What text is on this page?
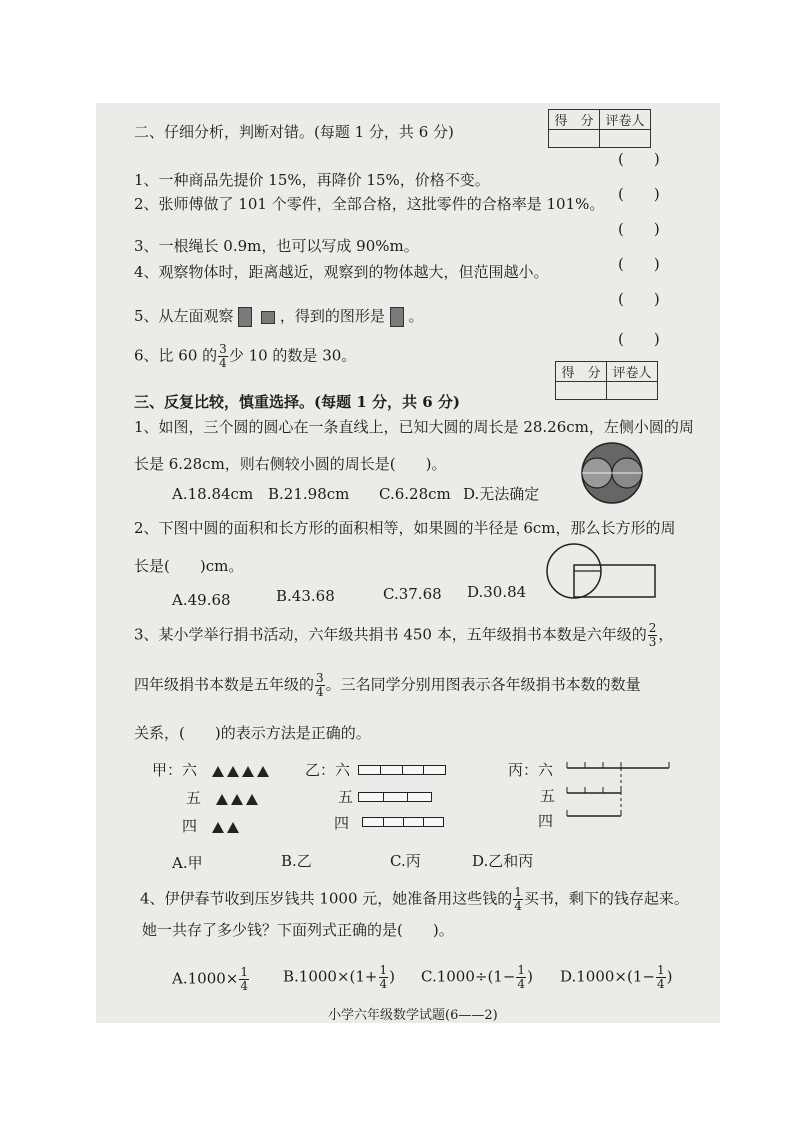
得　分	评卷人

二、仔细分析，判断对错。(每题 1 分，共 6 分)
(　　)
1、一种商品先提价 15%，再降价 15%，价格不变。
(　　)
2、张师傅做了 101 个零件，全部合格，这批零件的合格率是 101%。
(　　)
3、一根绳长 0.9m，也可以写成 90%m。
(　　)
4、观察物体时，距离越近，观察到的物体越大，但范围越小。
(　　)
5、从左面观察	，得到的图形是 。
(　　)
6、比 60 的 $\frac{3}{4}$ 少 10 的数是 30。
得　分	评卷人

三、反复比较，慎重选择。(每题 1 分，共 6 分)
1、如图，三个圆的圆心在一条直线上，已知大圆的周长是 28.26cm，左侧小圆的周
长是 6.28cm，则右侧较小圆的周长是(　　)。
A.18.84cm B.21.98cm C.6.28cm D.无法确定
2、下图中圆的面积和长方形的面积相等，如果圆的半径是 6cm，那么长方形的周
长是(　　)cm。
A.49.68	B.43.68	C.37.68 D.30.84
3、某小学举行捐书活动，六年级共捐书 450 本，五年级捐书本数是六年级的 $\frac{2}{3}$ ，
四年级捐书本数是五年级的 $\frac{3}{4}$ 。三名同学分别用图表示各年级捐书本数的数量
关系，(　　)的表示方法是正确的。
甲：六
五
四
乙：六
五
四
丙：六
五
四
A.甲	B.乙	C.丙	D.乙和丙
4、伊伊春节收到压岁钱共 1000 元，她准备用这些钱的 $\frac{1}{4}$ 买书，剩下的钱存起来。
她一共存了多少钱？下面列式正确的是(　　)。
$A.1000\times \frac{1}{4} B.1000\times(1+ \frac{1}{4}$ ) $C.1000\div(1- \frac{1}{4}$ ) $D.1000\times(1- \frac{1}{4}$ )
小学六年级数学试题(6——2)
